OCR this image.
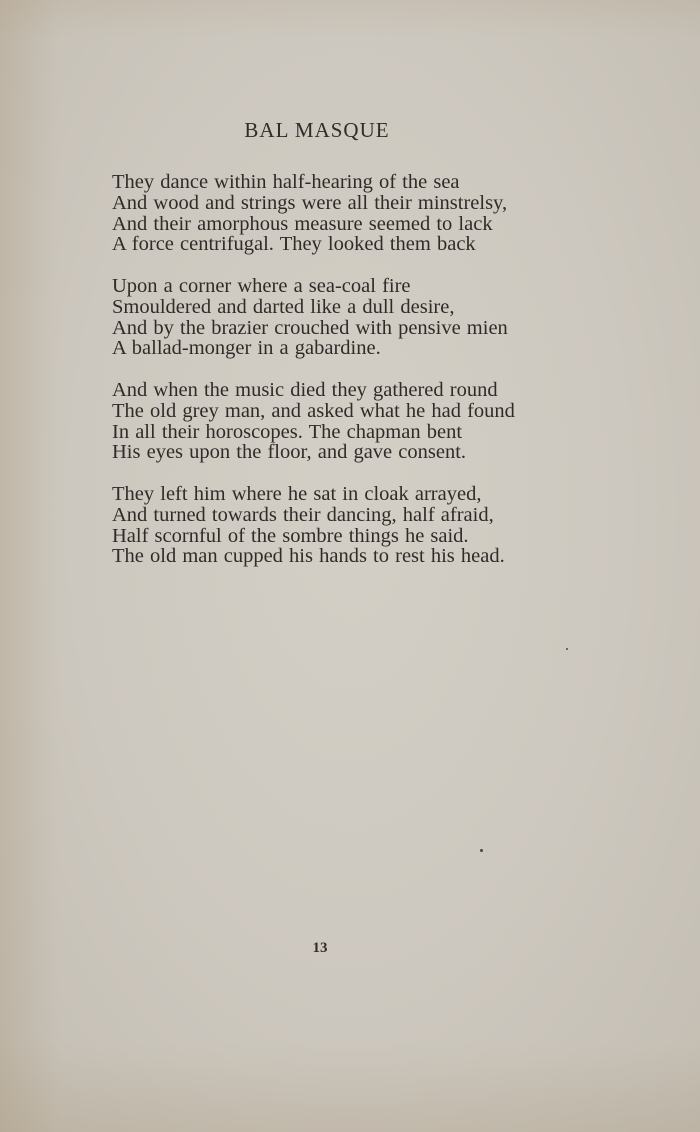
BAL MASQUE
They dance within half-hearing of the sea
And wood and strings were all their minstrelsy,
And their amorphous measure seemed to lack
A force centrifugal. They looked them back
Upon a corner where a sea-coal fire
Smouldered and darted like a dull desire,
And by the brazier crouched with pensive mien
A ballad-monger in a gabardine.
And when the music died they gathered round
The old grey man, and asked what he had found
In all their horoscopes. The chapman bent
His eyes upon the floor, and gave consent.
They left him where he sat in cloak arrayed,
And turned towards their dancing, half afraid,
Half scornful of the sombre things he said.
The old man cupped his hands to rest his head.
13
